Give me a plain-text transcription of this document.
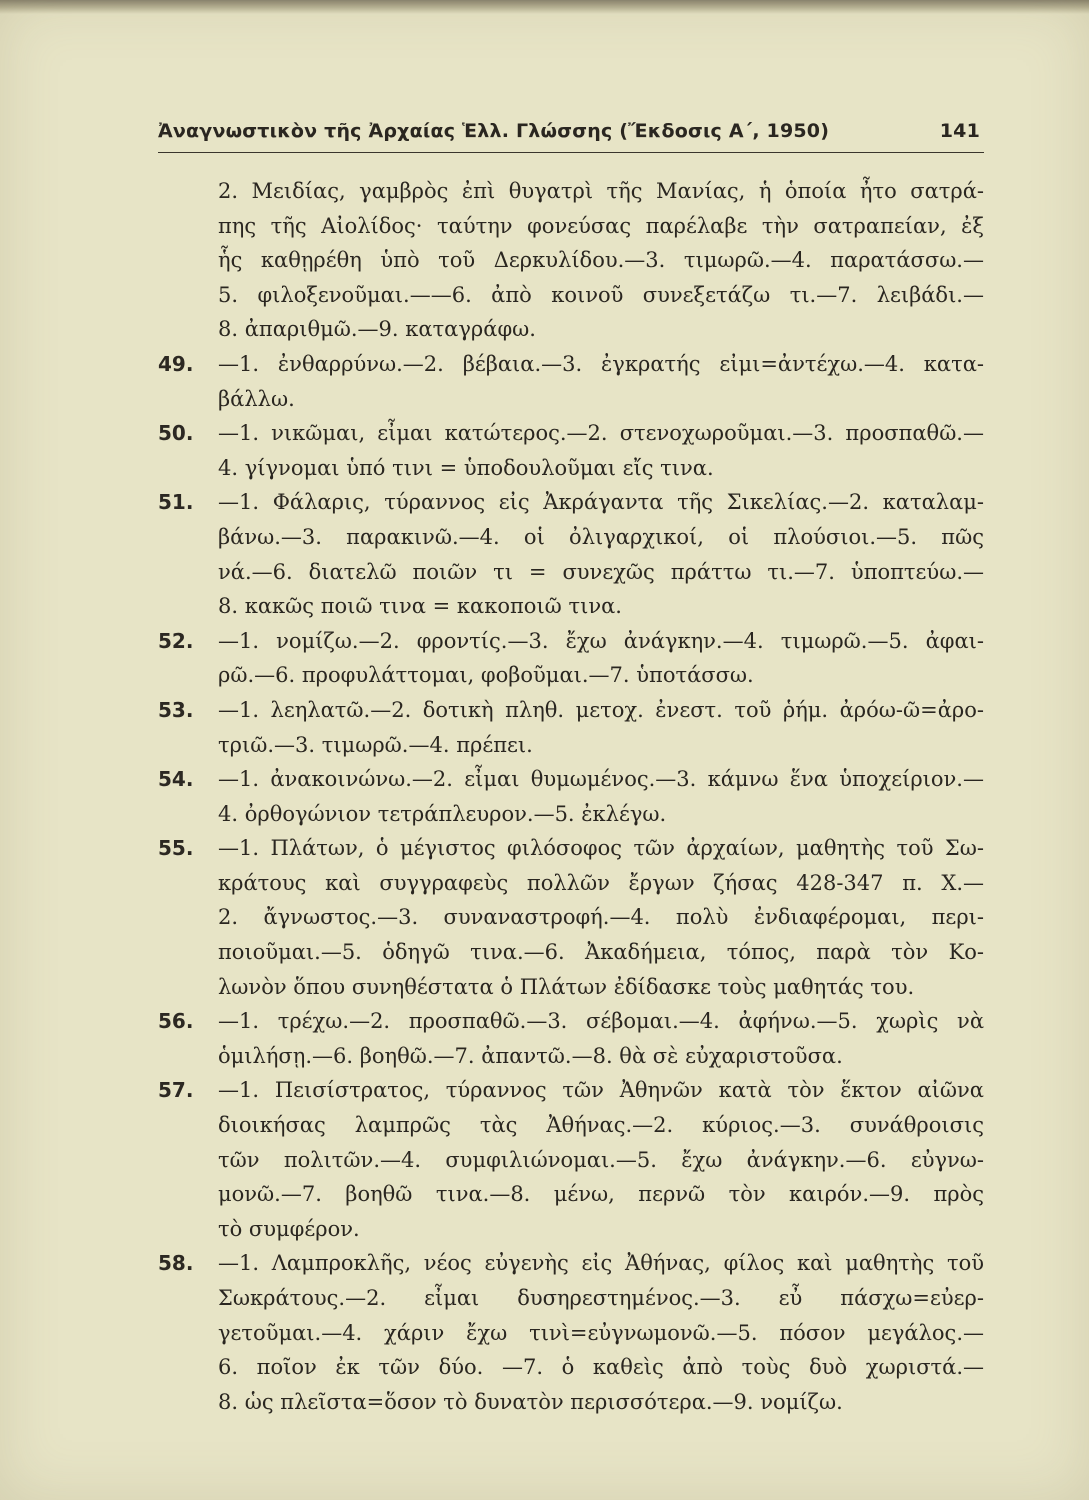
Ἀναγνωστικὸν τῆς Ἀρχαίας Ἑλλ. Γλώσσης (Ἔκδοσις Α΄, 1950)	141
2. Μειδίας, γαμβρὸς ἐπὶ θυγατρὶ τῆς Μανίας, ἡ ὁποία ἦτο σατρά-
πης τῆς Αἰολίδος· ταύτην φονεύσας παρέλαβε τὴν σατραπείαν, ἐξ
ἧς καθῃρέθη ὑπὸ τοῦ Δερκυλίδου.—3. τιμωρῶ.—4. παρατάσσω.—
5. φιλοξενοῦμαι.——6. ἀπὸ κοινοῦ συνεξετάζω τι.—7. λειβάδι.—
8. ἀπαριθμῶ.—9. καταγράφω.
49. —1. ἐνθαρρύνω.—2. βέβαια.—3. ἐγκρατής εἰμι=ἀντέχω.—4. κατα-
βάλλω.
50. —1. νικῶμαι, εἶμαι κατώτερος.—2. στενοχωροῦμαι.—3. προσπαθῶ.—
4. γίγνομαι ὑπό τινι = ὑποδουλοῦμαι εἴς τινα.
51. —1. Φάλαρις, τύραννος εἰς Ἀκράγαντα τῆς Σικελίας.—2. καταλαμ-
βάνω.—3. παρακινῶ.—4. οἱ ὀλιγαρχικοί, οἱ πλούσιοι.—5. πῶς
νά.—6. διατελῶ ποιῶν τι = συνεχῶς πράττω τι.—7. ὑποπτεύω.—
8. κακῶς ποιῶ τινα = κακοποιῶ τινα.
52. —1. νομίζω.—2. φροντίς.—3. ἔχω ἀνάγκην.—4. τιμωρῶ.—5. ἀφαι-
ρῶ.—6. προφυλάττομαι, φοβοῦμαι.—7. ὑποτάσσω.
53. —1. λεηλατῶ.—2. δοτικὴ πληθ. μετοχ. ἐνεστ. τοῦ ῥήμ. ἀρόω-ῶ=ἀρο-
τριῶ.—3. τιμωρῶ.—4. πρέπει.
54. —1. ἀνακοινώνω.—2. εἶμαι θυμωμένος.—3. κάμνω ἕνα ὑποχείριον.—
4. ὀρθογώνιον τετράπλευρον.—5. ἐκλέγω.
55. —1. Πλάτων, ὁ μέγιστος φιλόσοφος τῶν ἀρχαίων, μαθητὴς τοῦ Σω-
κράτους καὶ συγγραφεὺς πολλῶν ἔργων ζήσας 428-347 π. Χ.—
2. ἄγνωστος.—3. συναναστροφή.—4. πολὺ ἐνδιαφέρομαι, περι-
ποιοῦμαι.—5. ὁδηγῶ τινα.—6. Ἀκαδήμεια, τόπος, παρὰ τὸν Κο-
λωνὸν ὅπου συνηθέστατα ὁ Πλάτων ἐδίδασκε τοὺς μαθητάς του.
56. —1. τρέχω.—2. προσπαθῶ.—3. σέβομαι.—4. ἀφήνω.—5. χωρὶς νὰ
ὁμιλήσῃ.—6. βοηθῶ.—7. ἀπαντῶ.—8. θὰ σὲ εὐχαριστοῦσα.
57. —1. Πεισίστρατος, τύραννος τῶν Ἀθηνῶν κατὰ τὸν ἕκτον αἰῶνα
διοικήσας λαμπρῶς τὰς Ἀθήνας.—2. κύριος.—3. συνάθροισις
τῶν πολιτῶν.—4. συμφιλιώνομαι.—5. ἔχω ἀνάγκην.—6. εὐγνω-
μονῶ.—7. βοηθῶ τινα.—8. μένω, περνῶ τὸν καιρόν.—9. πρὸς
τὸ συμφέρον.
58. —1. Λαμπροκλῆς, νέος εὐγενὴς εἰς Ἀθήνας, φίλος καὶ μαθητὴς τοῦ
Σωκράτους.—2. εἶμαι δυσηρεστημένος.—3. εὖ πάσχω=εὐερ-
γετοῦμαι.—4. χάριν ἔχω τινὶ=εὐγνωμονῶ.—5. πόσον μεγάλος.—
6. ποῖον ἐκ τῶν δύο. —7. ὁ καθεὶς ἀπὸ τοὺς δυὸ χωριστά.—
8. ὡς πλεῖστα=ὅσον τὸ δυνατὸν περισσότερα.—9. νομίζω.
